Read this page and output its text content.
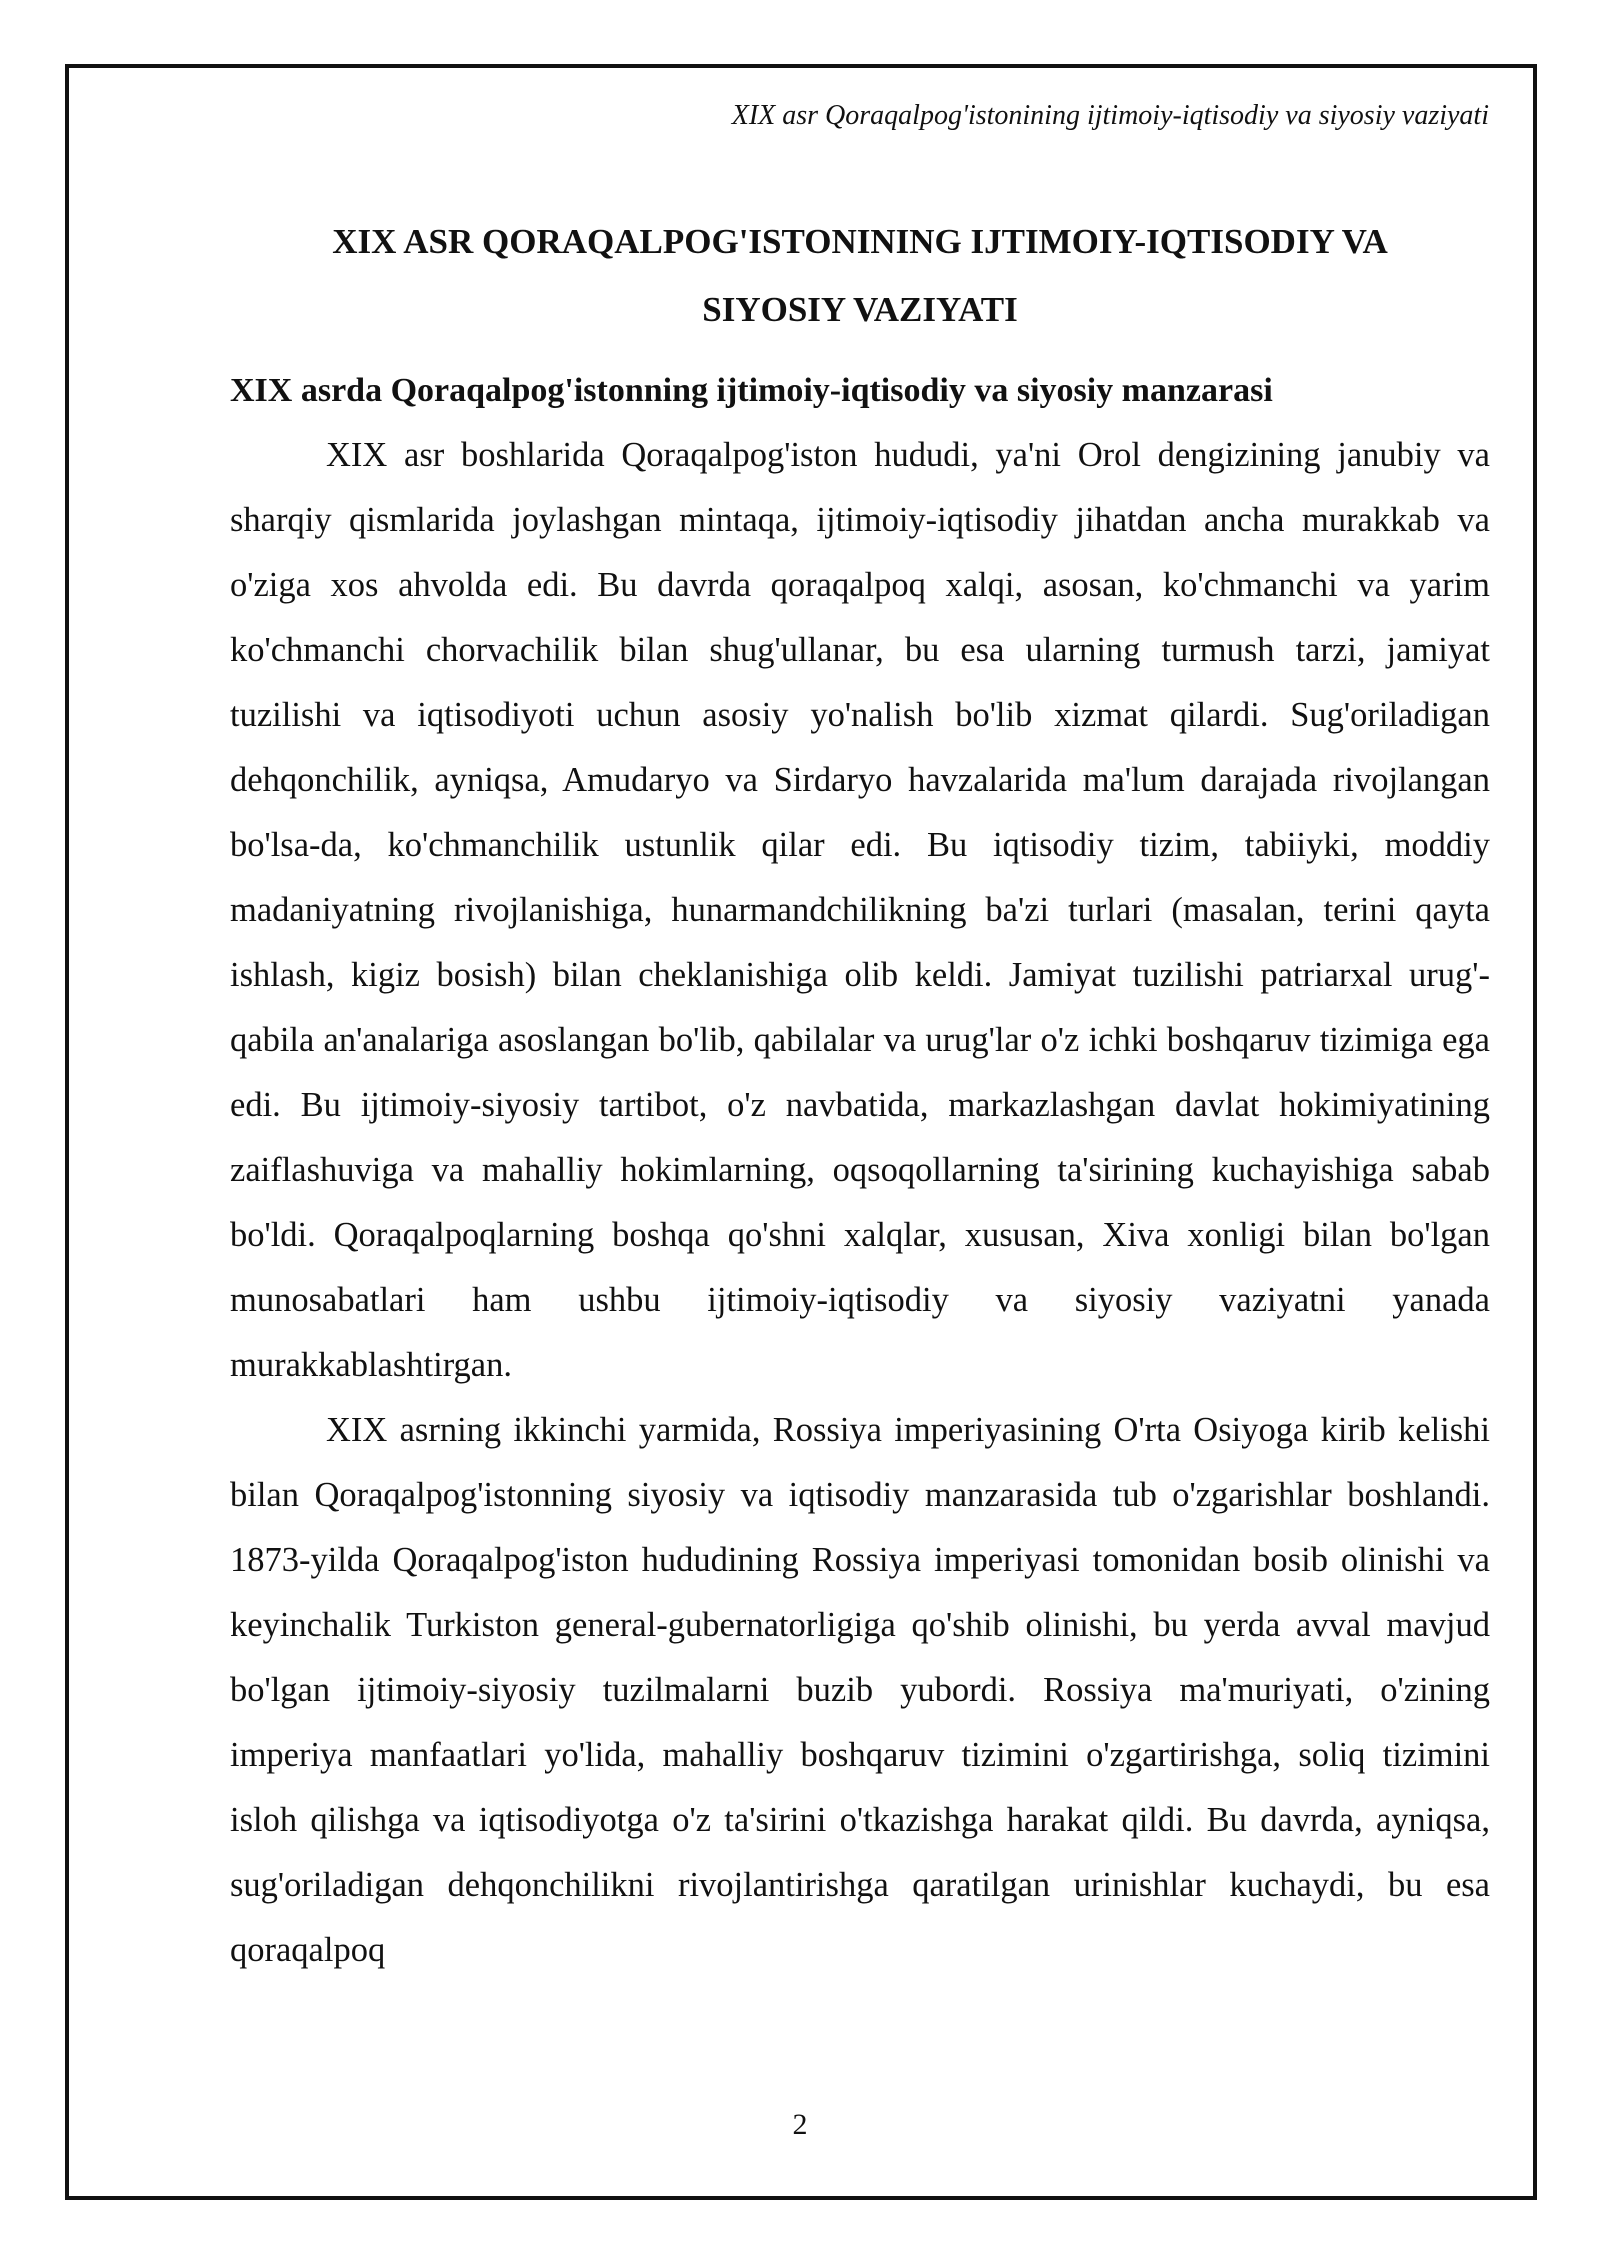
XIX asr Qoraqalpog'istonining ijtimoiy-iqtisodiy va siyosiy vaziyati
XIX ASR QORAQALPOG'ISTONINING IJTIMOIY-IQTISODIY VA
SIYOSIY VAZIYATI
XIX asrda Qoraqalpog'istonning ijtimoiy-iqtisodiy va siyosiy manzarasi

XIX asr boshlarida Qoraqalpog'iston hududi, ya'ni Orol dengizining janubiy va sharqiy qismlarida joylashgan mintaqa, ijtimoiy-iqtisodiy jihatdan ancha murakkab va o'ziga xos ahvolda edi. Bu davrda qoraqalpoq xalqi, asosan, ko'chmanchi va yarim ko'chmanchi chorvachilik bilan shug'ullanar, bu esa ularning turmush tarzi, jamiyat tuzilishi va iqtisodiyoti uchun asosiy yo'nalish bo'lib xizmat qilardi. Sug'oriladigan dehqonchilik, ayniqsa, Amudaryo va Sirdaryo havzalarida ma'lum darajada rivojlangan bo'lsa-da, ko'chmanchilik ustunlik qilar edi. Bu iqtisodiy tizim, tabiiyki, moddiy madaniyatning rivojlanishiga, hunarmandchilikning ba'zi turlari (masalan, terini qayta ishlash, kigiz bosish) bilan cheklanishiga olib keldi. Jamiyat tuzilishi patriarxal urug'-qabila an'analariga asoslangan bo'lib, qabilalar va urug'lar o'z ichki boshqaruv tizimiga ega edi. Bu ijtimoiy-siyosiy tartibot, o'z navbatida, markazlashgan davlat hokimiyatining zaiflashuviga va mahalliy hokimlarning, oqsoqollarning ta'sirining kuchayishiga sabab bo'ldi. Qoraqalpoqlarning boshqa qo'shni xalqlar, xususan, Xiva xonligi bilan bo'lgan munosabatlari ham ushbu ijtimoiy-iqtisodiy va siyosiy vaziyatni yanada murakkablashtirgan.

XIX asrning ikkinchi yarmida, Rossiya imperiyasining O'rta Osiyoga kirib kelishi bilan Qoraqalpog'istonning siyosiy va iqtisodiy manzarasida tub o'zgarishlar boshlandi. 1873-yilda Qoraqalpog'iston hududining Rossiya imperiyasi tomonidan bosib olinishi va keyinchalik Turkiston general-gubernatorligiga qo'shib olinishi, bu yerda avval mavjud bo'lgan ijtimoiy-siyosiy tuzilmalarni buzib yubordi. Rossiya ma'muriyati, o'zining imperiya manfaatlari yo'lida, mahalliy boshqaruv tizimini o'zgartirishga, soliq tizimini isloh qilishga va iqtisodiyotga o'z ta'sirini o'tkazishga harakat qildi. Bu davrda, ayniqsa, sug'oriladigan dehqonchilikni rivojlantirishga qaratilgan urinishlar kuchaydi, bu esa qoraqalpoq

2
